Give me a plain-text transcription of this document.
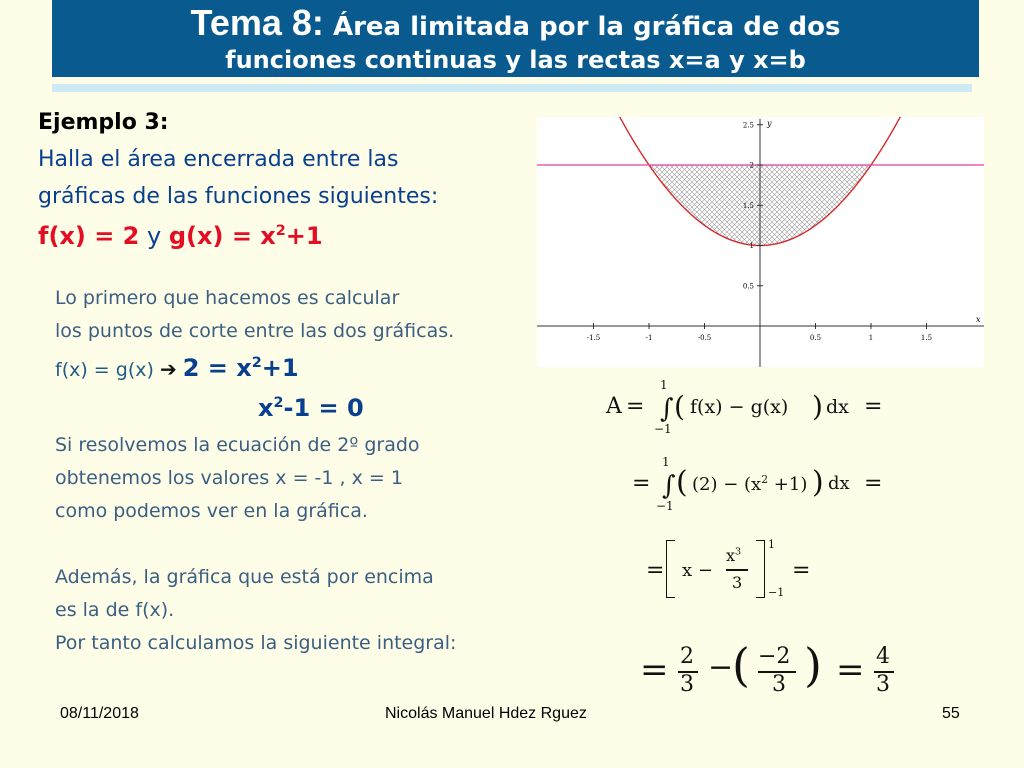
Tema 8: Área limitada por la gráfica de dos
funciones continuas y las rectas x=a y x=b
Ejemplo 3:
Halla el área encerrada entre las
gráficas de las funciones siguientes:
f(x) = 2 y $g(x) = x^2+1$
Lo primero que hacemos es calcular
los puntos de corte entre las dos gráficas.
f(x) = g(x) ➔ $2 = x^2+1$
$x^2-1 = 0$
Si resolvemos la ecuación de 2º grado
obtenemos los valores x = -1 , x = 1
como podemos ver en la gráfica.
Además, la gráfica que está por encima
es la de f(x).
Por tanto calculamos la siguiente integral:
-1.5	-1	-0.5	0.5	1	1.5
0.5
1
1.5
2
2.5
x
y
A =
1
∫
−1
( f(x) − g(x) ) dx =
=
1
∫
−1
( $(2) - (x^2 +1)$ ) dx =
= x −
$x^3$
3
1
−1
=
= 2
3 −
( −2
3 ) = 4
3
08/11/2018	Nicolás Manuel Hdez Rguez	55
